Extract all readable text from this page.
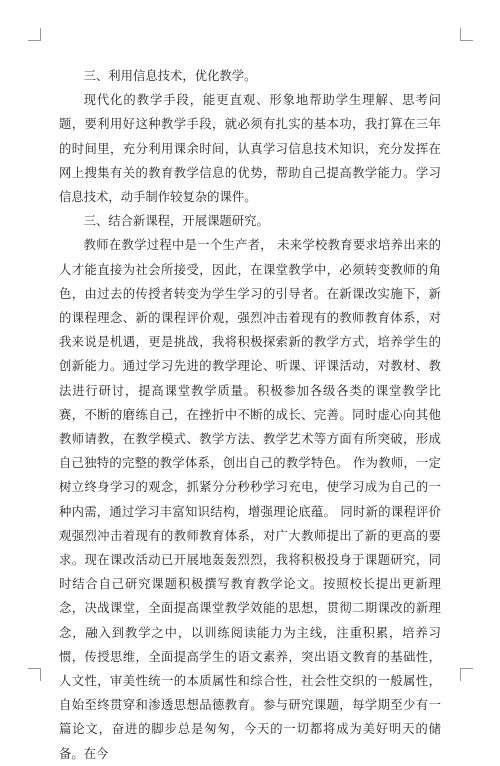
三、利用信息技术，优化教学。

现代化的教学手段，能更直观、形象地帮助学生理解、思考问题，要利用好这种教学手段，就必须有扎实的基本功，我打算在三年的时间里，充分利用课余时间，认真学习信息技术知识，充分发挥在网上搜集有关的教育教学信息的优势，帮助自己提高教学能力。学习信息技术，动手制作较复杂的课件。

三、结合新课程，开展课题研究。

教师在教学过程中是一个生产者， 未来学校教育要求培养出来的人才能直接为社会所接受，因此，在课堂教学中，必须转变教师的角色，由过去的传授者转变为学生学习的引导者。在新课改实施下，新的课程理念、新的课程评价观，强烈冲击着现有的教师教育体系，对我来说是机遇，更是挑战，我将积极探索新的教学方式，培养学生的创新能力。通过学习先进的教学理论、听课、评课活动，对教材、教法进行研讨，提高课堂教学质量。积极参加各级各类的课堂教学比赛，不断的磨练自己，在挫折中不断的成长、完善。同时虚心向其他教师请教，在教学模式、教学方法、教学艺术等方面有所突破，形成自己独特的完整的教学体系，创出自己的教学特色。 作为教师，一定树立终身学习的观念，抓紧分分秒秒学习充电，使学习成为自己的一种内需，通过学习丰富知识结构，增强理论底蕴。 同时新的课程评价观强烈冲击着现有的教师教育体系，对广大教师提出了新的更高的要求。现在课改活动已开展地轰轰烈烈，我将积极投身于课题研究，同时结合自己研究课题积极撰写教育教学论文。按照校长提出更新理念，决战课堂，全面提高课堂教学效能的思想，贯彻二期课改的新理念，融入到教学之中，以训练阅读能力为主线，注重积累，培养习惯，传授思维，全面提高学生的语文素养，突出语文教育的基础性，人文性，审美性统一的本质属性和综合性，社会性交织的一般属性，自始至终贯穿和渗透思想品德教育。参与研究课题，每学期至少有一篇论文，奋进的脚步总是匆匆，今天的一切都将成为美好明天的储备。在今
